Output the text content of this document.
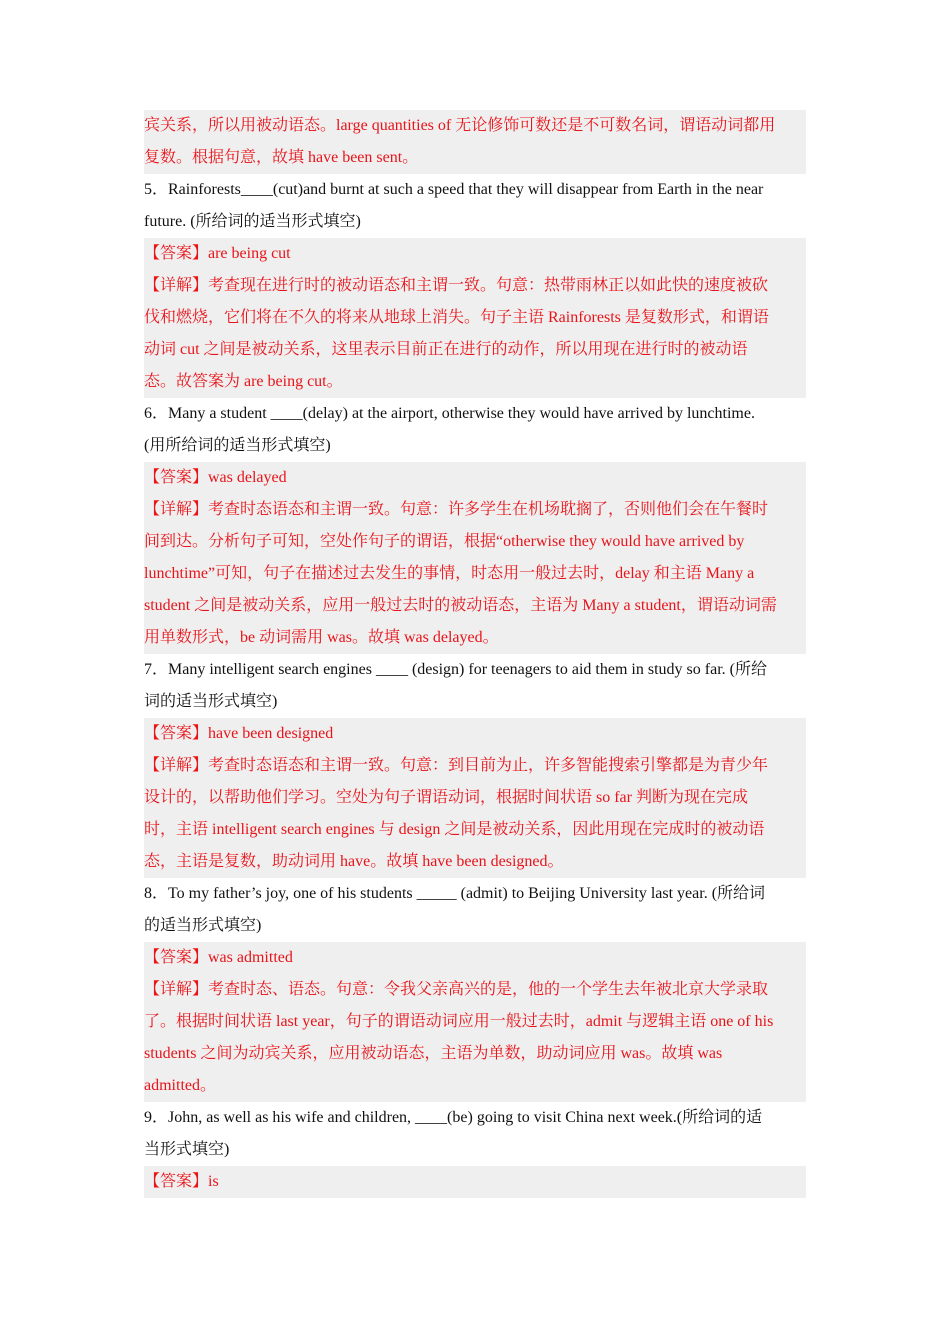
宾关系，所以用被动语态。large quantities of 无论修饰可数还是不可数名词，谓语动词都用
复数。根据句意，故填 have been sent。
5．Rainforests____(cut)and burnt at such a speed that they will disappear from Earth in the near
future. (所给词的适当形式填空)
【答案】are being cut
【详解】考查现在进行时的被动语态和主谓一致。句意：热带雨林正以如此快的速度被砍
伐和燃烧，它们将在不久的将来从地球上消失。句子主语 Rainforests 是复数形式，和谓语
动词 cut 之间是被动关系，这里表示目前正在进行的动作，所以用现在进行时的被动语
态。故答案为 are being cut。
6．Many a student ____(delay) at the airport, otherwise they would have arrived by lunchtime.
(用所给词的适当形式填空)
【答案】was delayed
【详解】考查时态语态和主谓一致。句意：许多学生在机场耽搁了，否则他们会在午餐时
间到达。分析句子可知，空处作句子的谓语，根据“otherwise they would have arrived by
lunchtime”可知，句子在描述过去发生的事情，时态用一般过去时，delay 和主语 Many a
student 之间是被动关系，应用一般过去时的被动语态，主语为 Many a student，谓语动词需
用单数形式，be 动词需用 was。故填 was delayed。
7．Many intelligent search engines ____ (design) for teenagers to aid them in study so far. (所给
词的适当形式填空)
【答案】have been designed
【详解】考查时态语态和主谓一致。句意：到目前为止，许多智能搜索引擎都是为青少年
设计的，以帮助他们学习。空处为句子谓语动词，根据时间状语 so far 判断为现在完成
时，主语 intelligent search engines 与 design 之间是被动关系，因此用现在完成时的被动语
态，主语是复数，助动词用 have。故填 have been designed。
8．To my father’s joy, one of his students _____ (admit) to Beijing University last year. (所给词
的适当形式填空)
【答案】was admitted
【详解】考查时态、语态。句意：令我父亲高兴的是，他的一个学生去年被北京大学录取
了。根据时间状语 last year，句子的谓语动词应用一般过去时，admit 与逻辑主语 one of his
students 之间为动宾关系，应用被动语态，主语为单数，助动词应用 was。故填 was
admitted。
9．John, as well as his wife and children, ____(be) going to visit China next week.(所给词的适
当形式填空)
【答案】is
